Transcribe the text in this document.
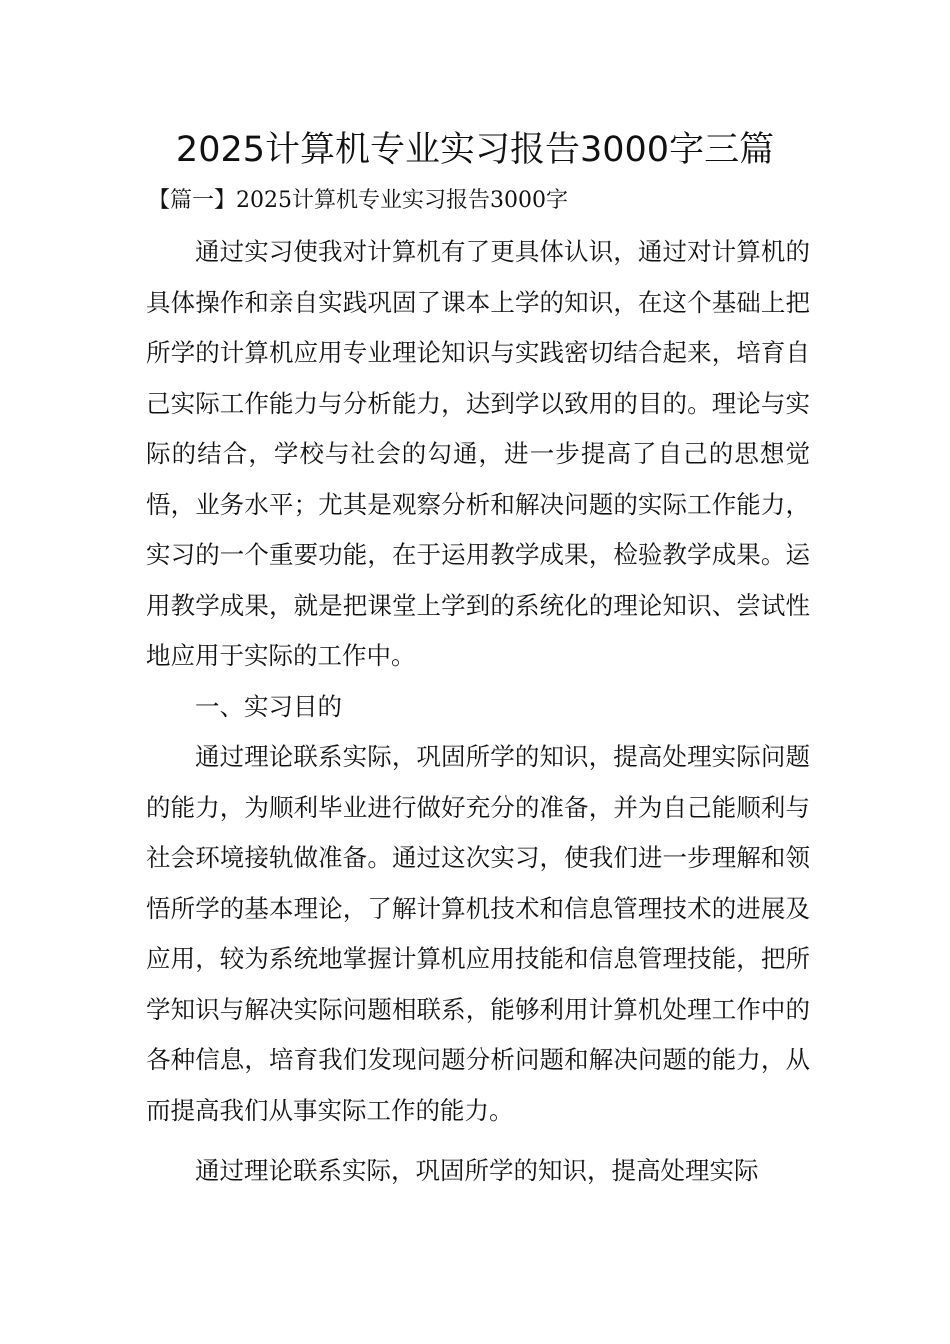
2025计算机专业实习报告3000字三篇

【篇一】2025计算机专业实习报告3000字

通过实习使我对计算机有了更具体认识，通过对计算机的具体操作和亲自实践巩固了课本上学的知识，在这个基础上把所学的计算机应用专业理论知识与实践密切结合起来，培育自己实际工作能力与分析能力，达到学以致用的目的。理论与实际的结合，学校与社会的勾通，进一步提高了自己的思想觉悟，业务水平；尤其是观察分析和解决问题的实际工作能力，实习的一个重要功能，在于运用教学成果，检验教学成果。运用教学成果，就是把课堂上学到的系统化的理论知识、尝试性地应用于实际的工作中。

一、实习目的

通过理论联系实际，巩固所学的知识，提高处理实际问题的能力，为顺利毕业进行做好充分的准备，并为自己能顺利与社会环境接轨做准备。通过这次实习，使我们进一步理解和领悟所学的基本理论，了解计算机技术和信息管理技术的进展及应用，较为系统地掌握计算机应用技能和信息管理技能，把所学知识与解决实际问题相联系，能够利用计算机处理工作中的各种信息，培育我们发现问题分析问题和解决问题的能力，从而提高我们从事实际工作的能力。

通过理论联系实际，巩固所学的知识，提高处理实际
